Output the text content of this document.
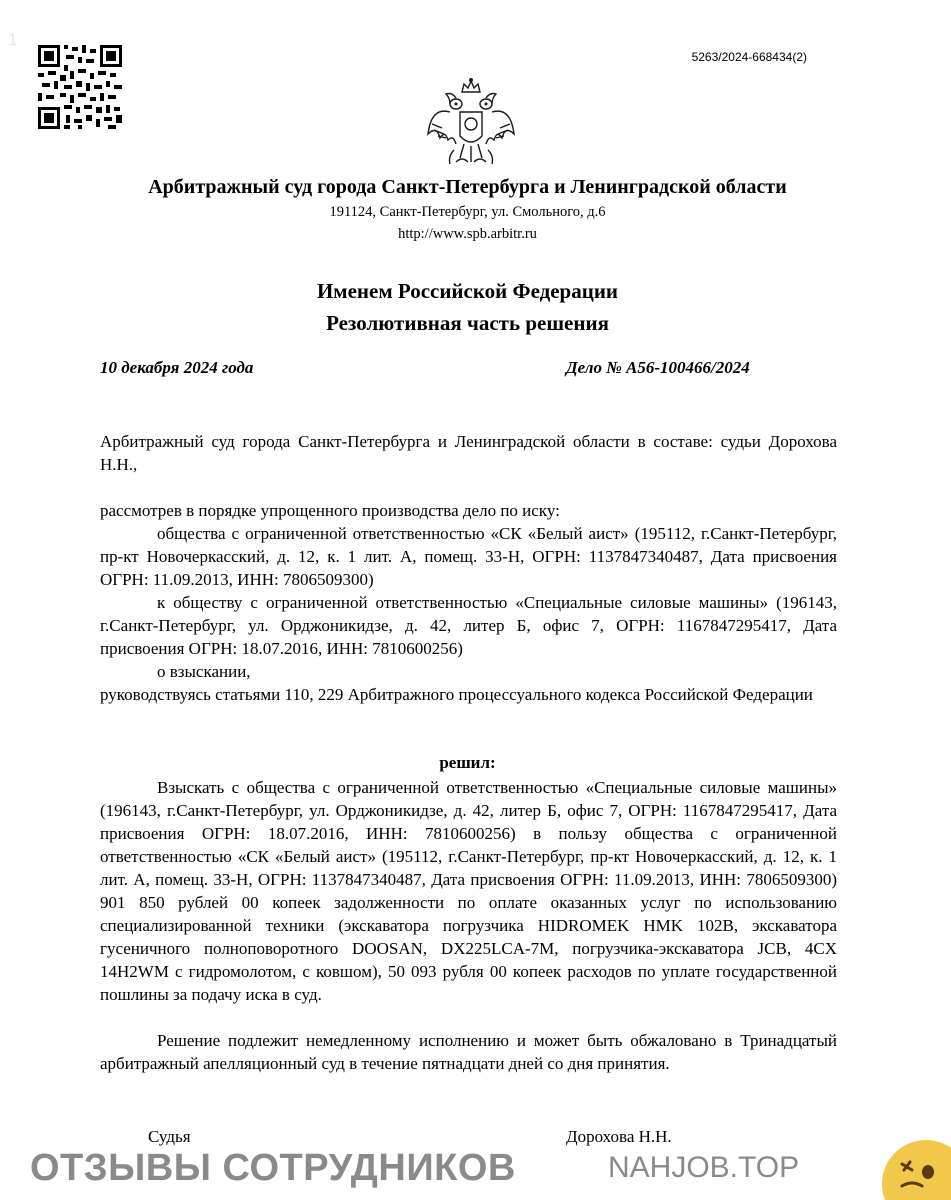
1
5263/2024-668434(2)
Арбитражный суд города Санкт-Петербурга и Ленинградской области
191124, Санкт-Петербург, ул. Смольного, д.6
http://www.spb.arbitr.ru
Именем Российской Федерации
Резолютивная часть решения
10 декабря 2024 года	Дело № А56-100466/2024
Арбитражный суд города Санкт-Петербурга и Ленинградской области в составе: судьи Дорохова Н.Н.,
рассмотрев в порядке упрощенного производства дело по иску:
общества с ограниченной ответственностью «СК «Белый аист» (195112, г.Санкт-Петербург, пр-кт Новочеркасский, д. 12, к. 1 лит. А, помещ. 33-Н, ОГРН: 1137847340487, Дата присвоения ОГРН: 11.09.2013, ИНН: 7806509300)
к обществу с ограниченной ответственностью «Специальные силовые машины» (196143, г.Санкт-Петербург, ул. Орджоникидзе, д. 42, литер Б, офис 7, ОГРН: 1167847295417, Дата присвоения ОГРН: 18.07.2016, ИНН: 7810600256)
о взыскании,
руководствуясь статьями 110, 229 Арбитражного процессуального кодекса Российской Федерации
решил:
Взыскать с общества с ограниченной ответственностью «Специальные силовые машины» (196143, г.Санкт-Петербург, ул. Орджоникидзе, д. 42, литер Б, офис 7, ОГРН: 1167847295417, Дата присвоения ОГРН: 18.07.2016, ИНН: 7810600256) в пользу общества с ограниченной ответственностью «СК «Белый аист» (195112, г.Санкт-Петербург, пр-кт Новочеркасский, д. 12, к. 1 лит. А, помещ. 33-Н, ОГРН: 1137847340487, Дата присвоения ОГРН: 11.09.2013, ИНН: 7806509300) 901 850 рублей 00 копеек задолженности по оплате оказанных услуг по использованию специализированной техники (экскаватора погрузчика HIDROMEK HMK 102B, экскаватора гусеничного полноповоротного DOOSAN, DX225LCA-7M, погрузчика-экскаватора JCB, 4CX 14H2WM с гидромолотом, с ковшом), 50 093 рубля 00 копеек расходов по уплате государственной пошлины за подачу иска в суд.
Решение подлежит немедленному исполнению и может быть обжаловано в Тринадцатый арбитражный апелляционный суд в течение пятнадцати дней со дня принятия.
Судья	Дорохова Н.Н.
ОТЗЫВЫ СОТРУДНИКОВ	NAHJOB.TOP
